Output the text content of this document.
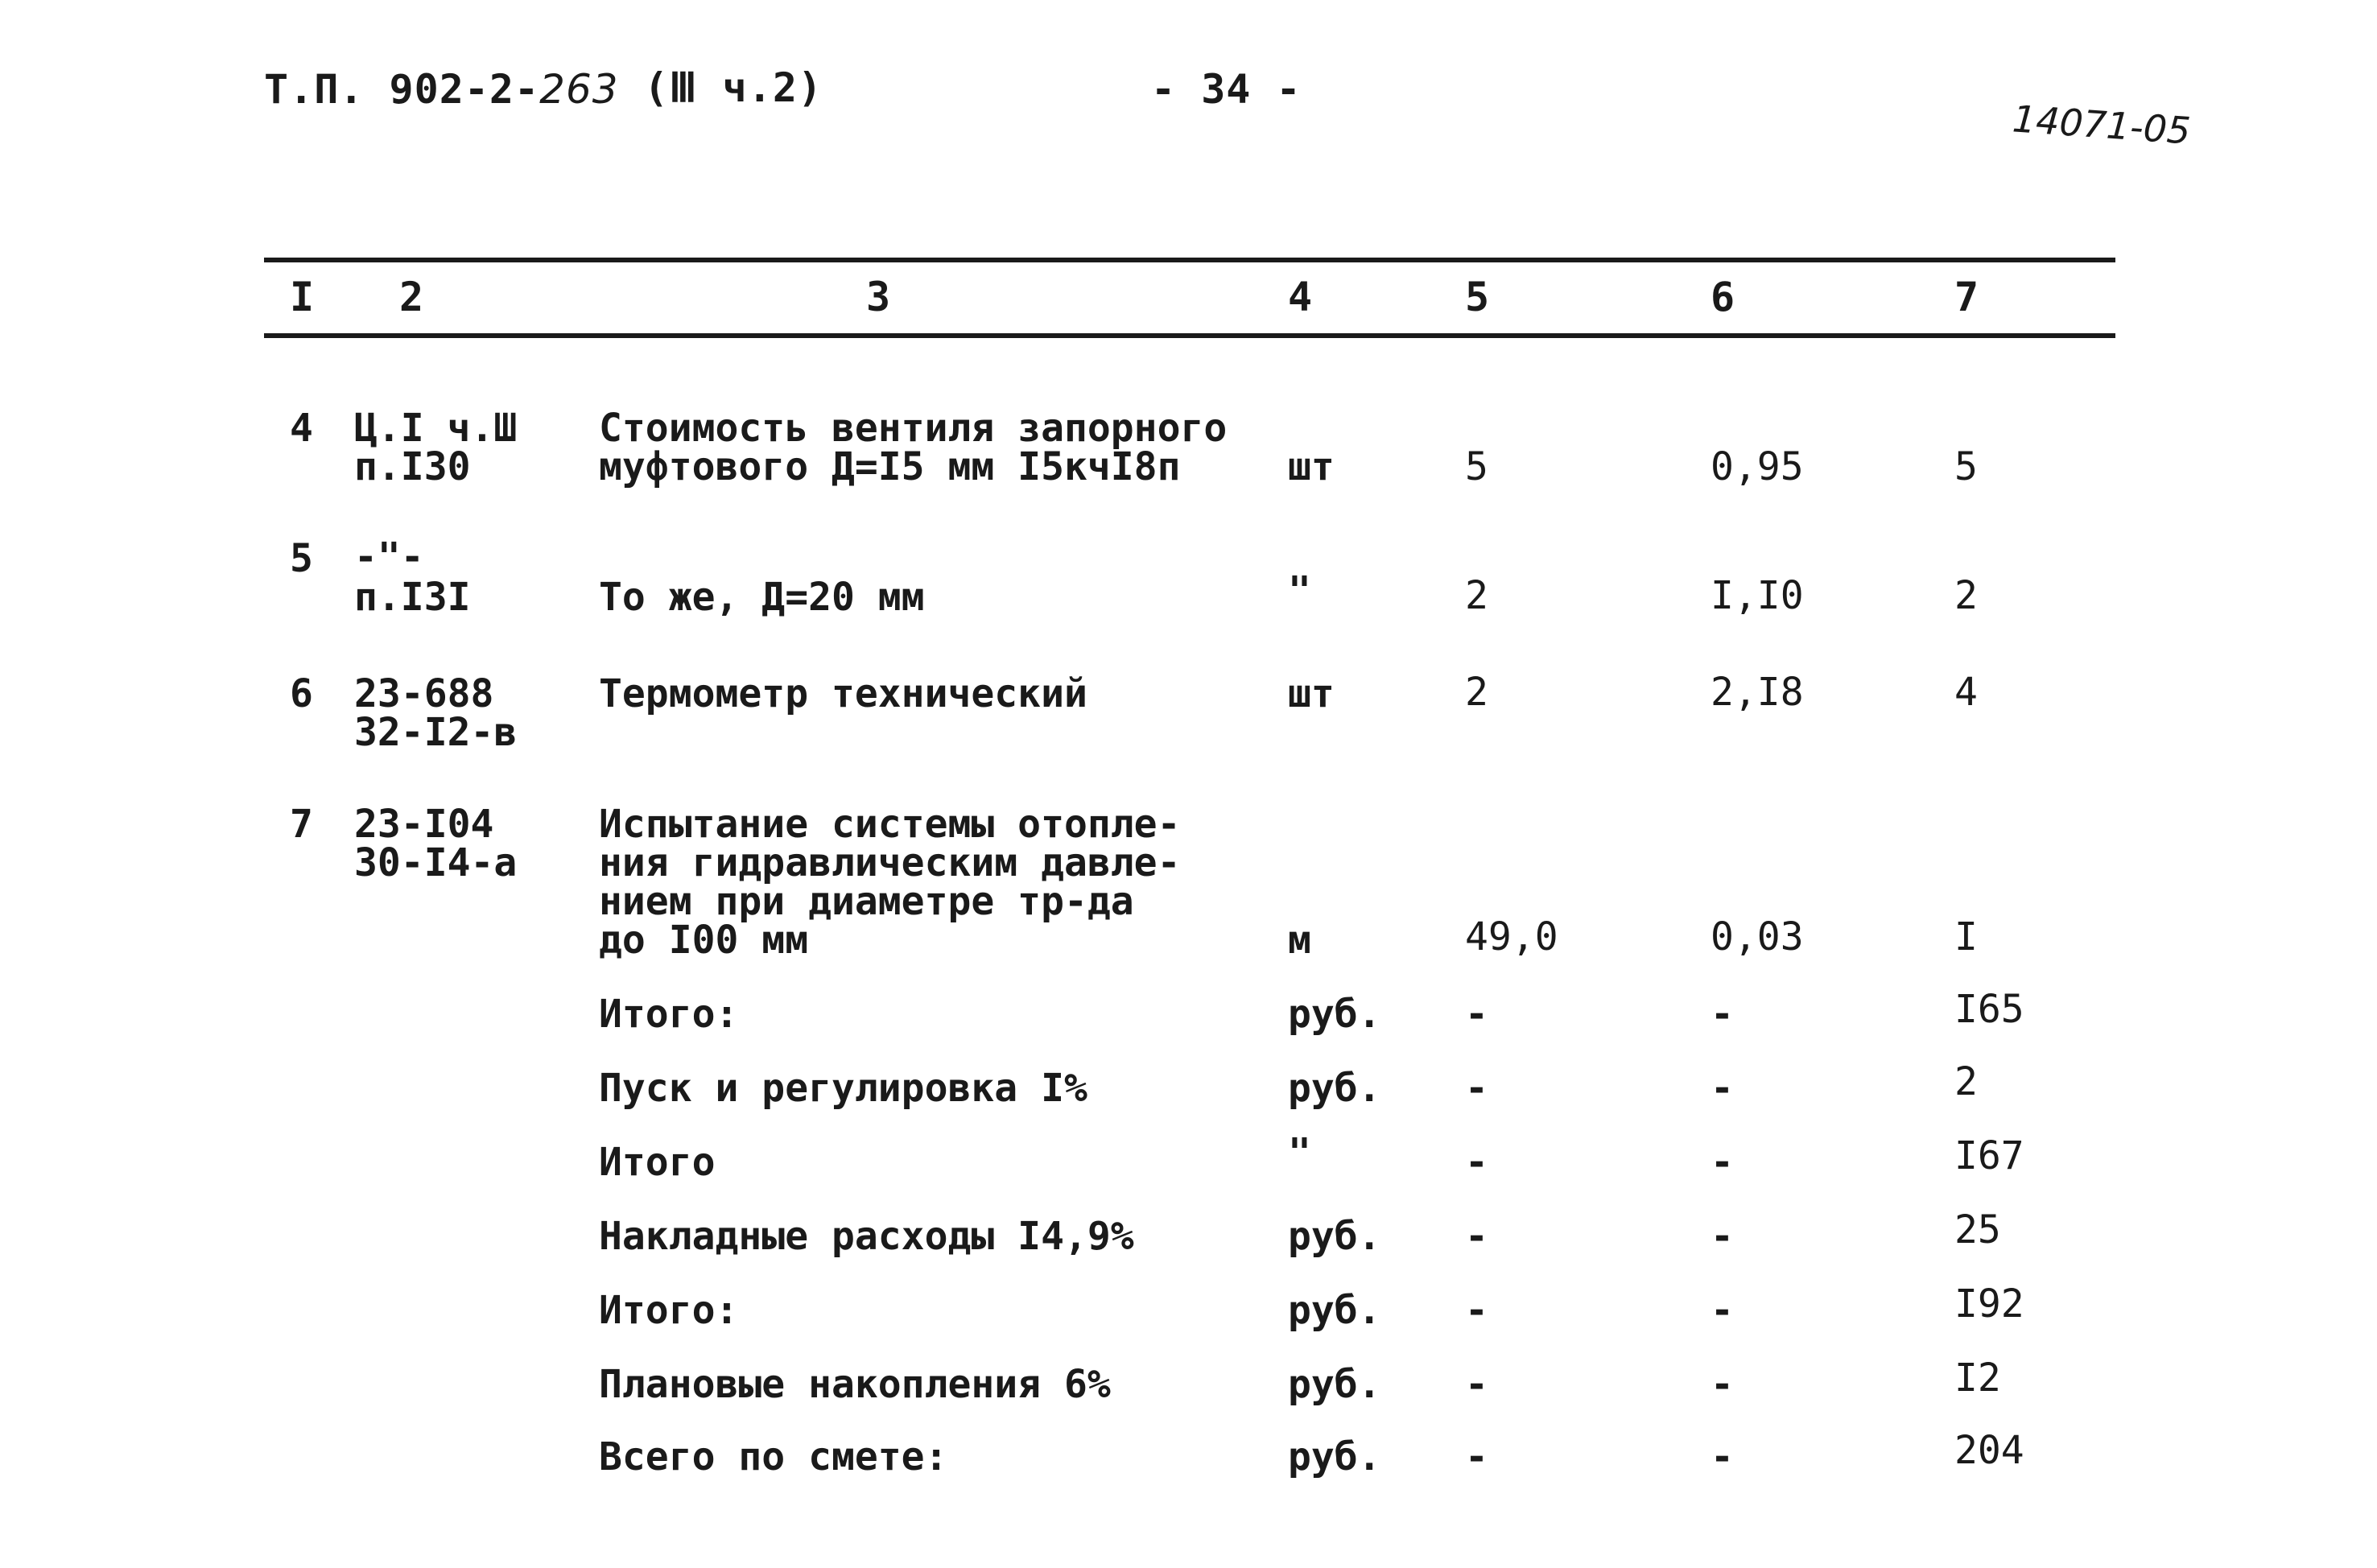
Т.П. 902-2-263 (Ⅲ ч.2)	- 34 -
14071-05
I 2	3	4	5	6	7
4 Ц.I ч.Ш
п.I30
Стоимость вентиля запорного
муфтового Д=I5 мм I5кчI8п	шт	5	0,95	5
5 -"-
п.I3I	То же, Д=20 мм	"	2	I,I0	2
6 23-688
32-I2-в
Термометр технический	шт	2	2,I8	4
7 23-I04
30-I4-а
Испытание системы отопле-
ния гидравлическим давле-
нием при диаметре тр-да
до I00 мм	м	49,0	0,03	I
Итого:	руб. -	-	I65
Пуск и регулировка I%	руб. -	-	2
Итого	"	-	-	I67
Накладные расходы I4,9%	руб. -	-	25
Итого:	руб. -	-	I92
Плановые накопления 6%	руб. -	-	I2
Всего по смете:	руб. -	-	204
